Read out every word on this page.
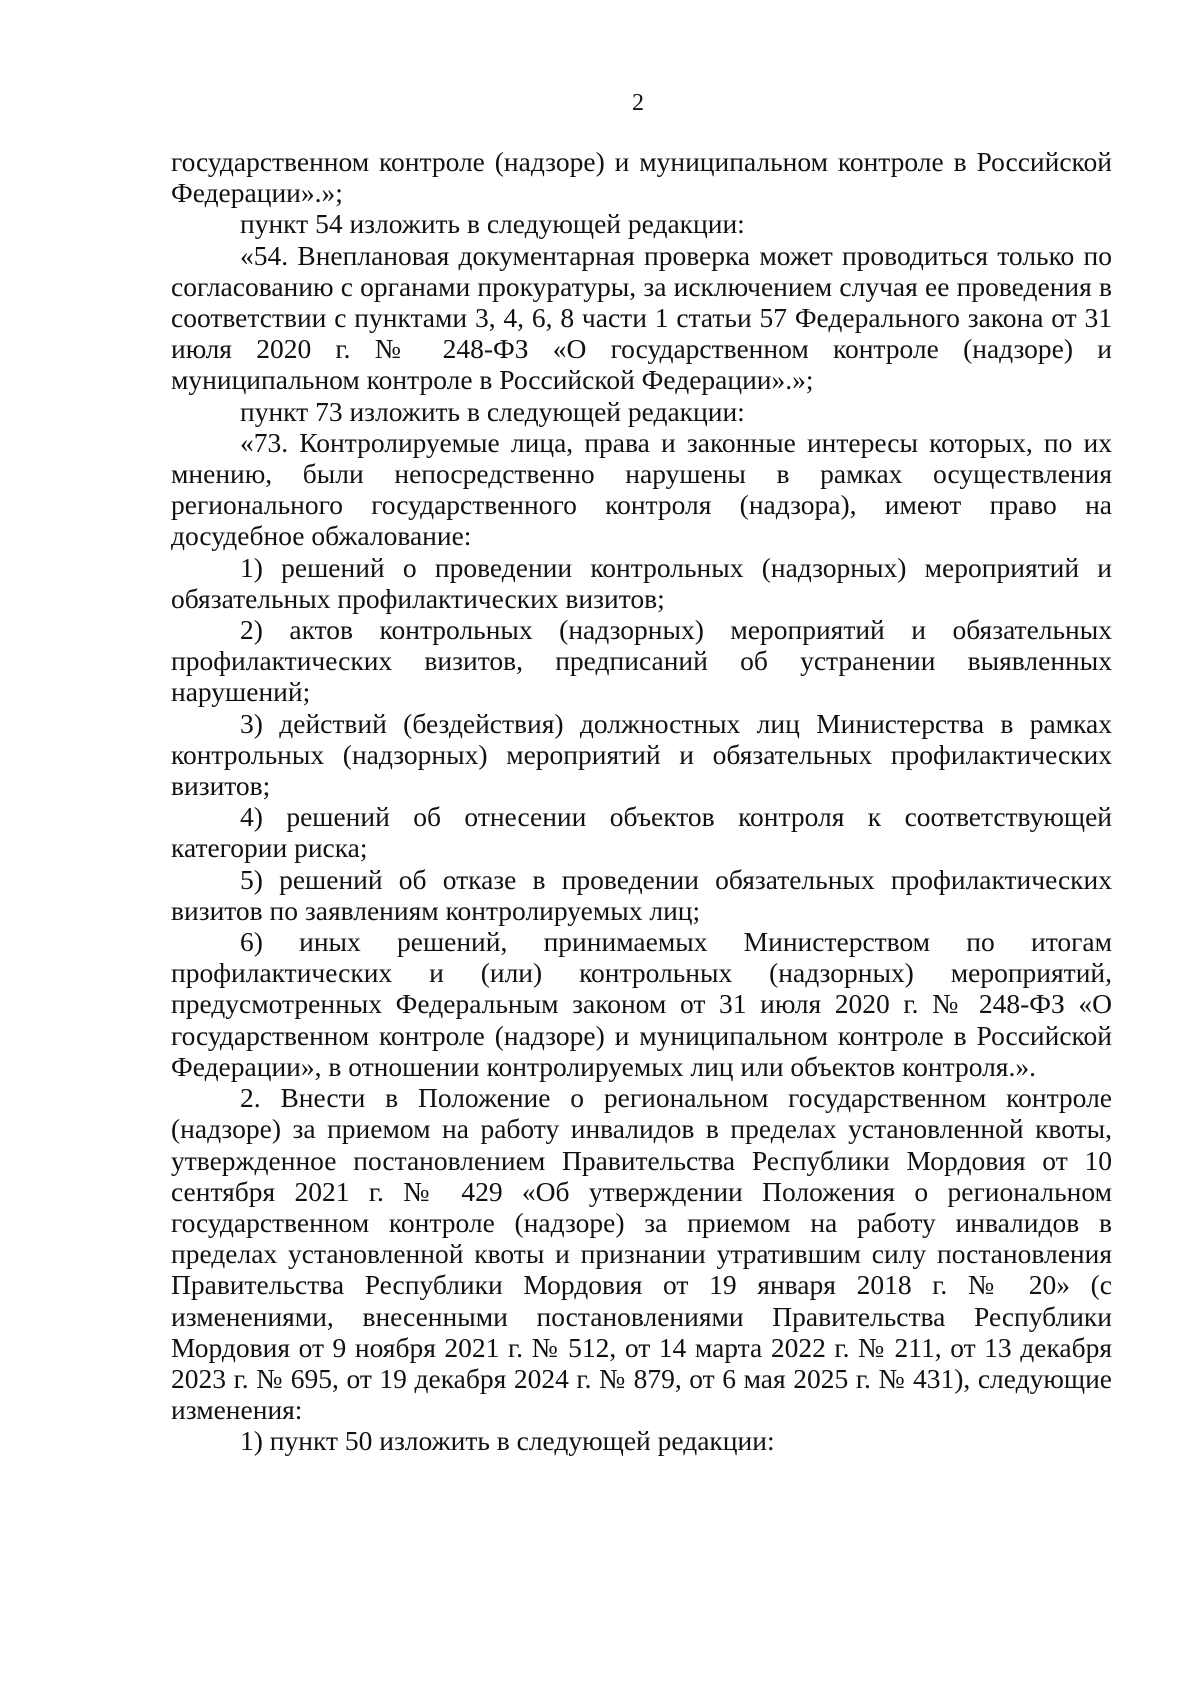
2

государственном контроле (надзоре) и муниципальном контроле в Российской Федерации».»;

пункт 54 изложить в следующей редакции:

«54. Внеплановая документарная проверка может проводиться только по согласованию с органами прокуратуры, за исключением случая ее проведения в соответствии с пунктами 3, 4, 6, 8 части 1 статьи 57 Федерального закона от 31 июля 2020 г. № 248-ФЗ «О государственном контроле (надзоре) и муниципальном контроле в Российской Федерации».»;

пункт 73 изложить в следующей редакции:

«73. Контролируемые лица, права и законные интересы которых, по их мнению, были непосредственно нарушены в рамках осуществления регионального государственного контроля (надзора), имеют право на досудебное обжалование:

1) решений о проведении контрольных (надзорных) мероприятий и обязательных профилактических визитов;

2) актов контрольных (надзорных) мероприятий и обязательных профилактических визитов, предписаний об устранении выявленных нарушений;

3) действий (бездействия) должностных лиц Министерства в рамках контрольных (надзорных) мероприятий и обязательных профилактических визитов;

4) решений об отнесении объектов контроля к соответствующей категории риска;

5) решений об отказе в проведении обязательных профилактических визитов по заявлениям контролируемых лиц;

6) иных решений, принимаемых Министерством по итогам профилактических и (или) контрольных (надзорных) мероприятий, предусмотренных Федеральным законом от 31 июля 2020 г. № 248-ФЗ «О государственном контроле (надзоре) и муниципальном контроле в Российской Федерации», в отношении контролируемых лиц или объектов контроля.».

2. Внести в Положение о региональном государственном контроле (надзоре) за приемом на работу инвалидов в пределах установленной квоты, утвержденное постановлением Правительства Республики Мордовия от 10 сентября 2021 г. № 429 «Об утверждении Положения о региональном государственном контроле (надзоре) за приемом на работу инвалидов в пределах установленной квоты и признании утратившим силу постановления Правительства Республики Мордовия от 19 января 2018 г. № 20» (с изменениями, внесенными постановлениями Правительства Республики Мордовия от 9 ноября 2021 г. № 512, от 14 марта 2022 г. № 211, от 13 декабря 2023 г. № 695, от 19 декабря 2024 г. № 879, от 6 мая 2025 г. № 431), следующие изменения:

1) пункт 50 изложить в следующей редакции:
